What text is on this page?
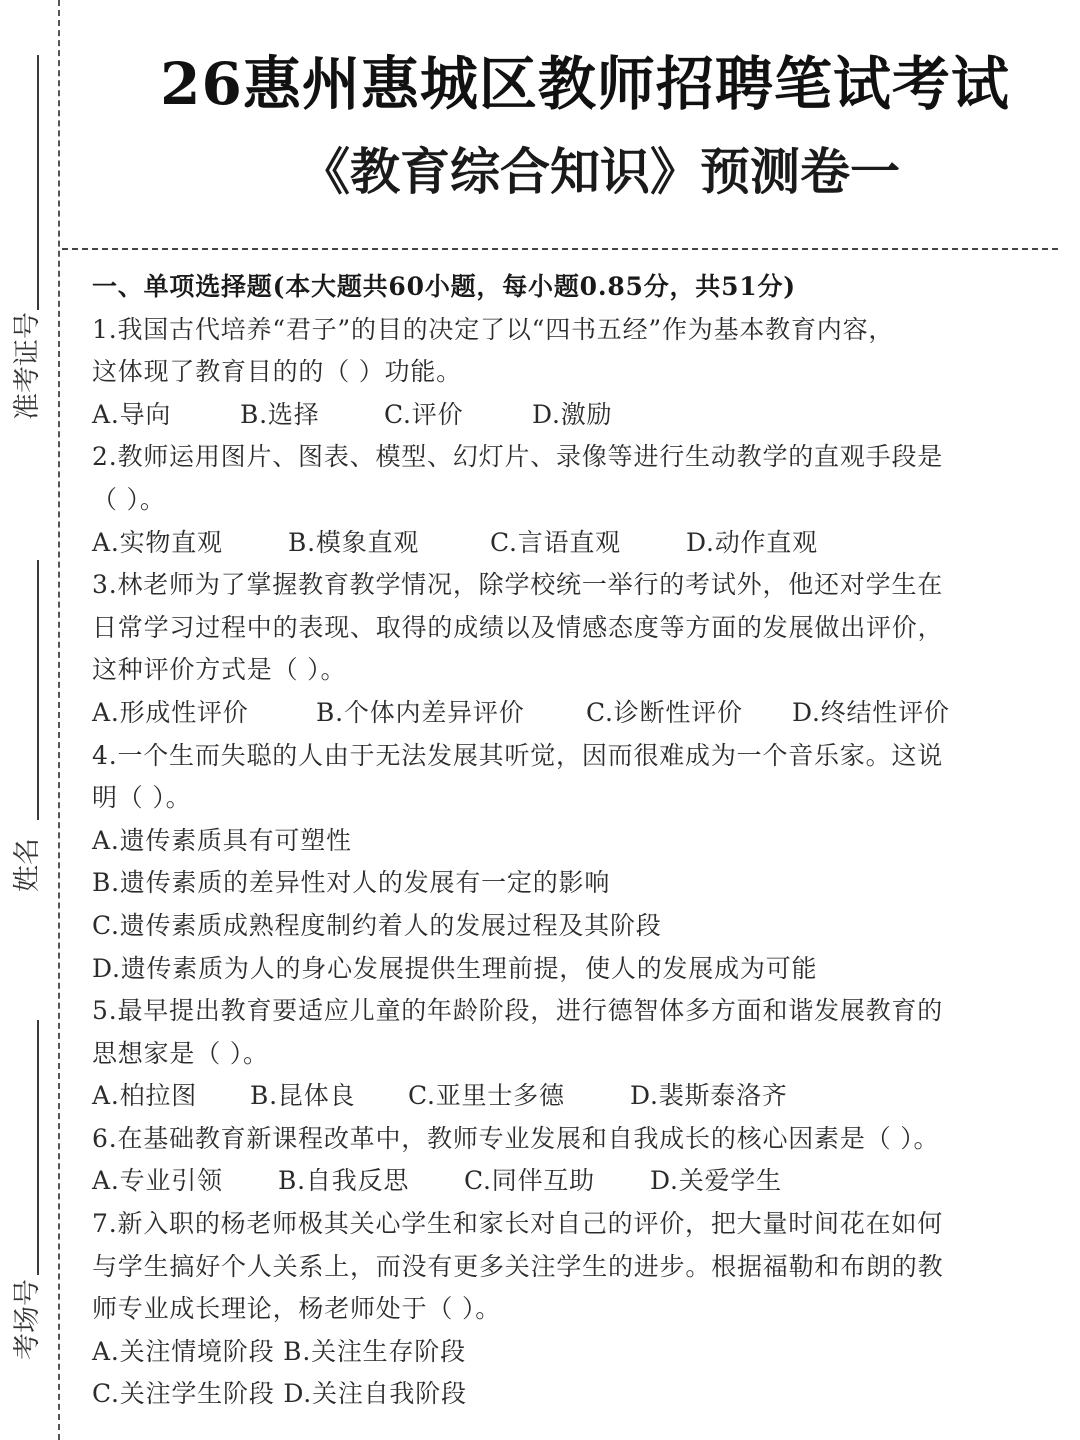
准考证号
姓名
考场号
26惠州惠城区教师招聘笔试考试
《教育综合知识》预测卷一
一、单项选择题(本大题共60小题，每小题0.85分，共51分)
1.我国古代培养“君子”的目的决定了以“四书五经”作为基本教育内容，
这体现了教育目的的（ ）功能。
A.导向	B.选择	C.评价	D.激励
2.教师运用图片、图表、模型、幻灯片、录像等进行生动教学的直观手段是
（ ）。
A.实物直观	B.模象直观	C.言语直观	D.动作直观
3.林老师为了掌握教育教学情况，除学校统一举行的考试外，他还对学生在
日常学习过程中的表现、取得的成绩以及情感态度等方面的发展做出评价，
这种评价方式是（ ）。
A.形成性评价	B.个体内差异评价 C.诊断性评价 D.终结性评价
4.一个生而失聪的人由于无法发展其听觉，因而很难成为一个音乐家。这说
明（ ）。
A.遗传素质具有可塑性
B.遗传素质的差异性对人的发展有一定的影响
C.遗传素质成熟程度制约着人的发展过程及其阶段
D.遗传素质为人的身心发展提供生理前提，使人的发展成为可能
5.最早提出教育要适应儿童的年龄阶段，进行德智体多方面和谐发展教育的
思想家是（ ）。
A.柏拉图 B.昆体良 C.亚里士多德	D.裴斯泰洛齐
6.在基础教育新课程改革中，教师专业发展和自我成长的核心因素是（ ）。
A.专业引领 B.自我反思 C.同伴互助 D.关爱学生
7.新入职的杨老师极其关心学生和家长对自己的评价，把大量时间花在如何
与学生搞好个人关系上，而没有更多关注学生的进步。根据福勒和布朗的教
师专业成长理论，杨老师处于（ ）。
A.关注情境阶段 B.关注生存阶段
C.关注学生阶段 D.关注自我阶段
